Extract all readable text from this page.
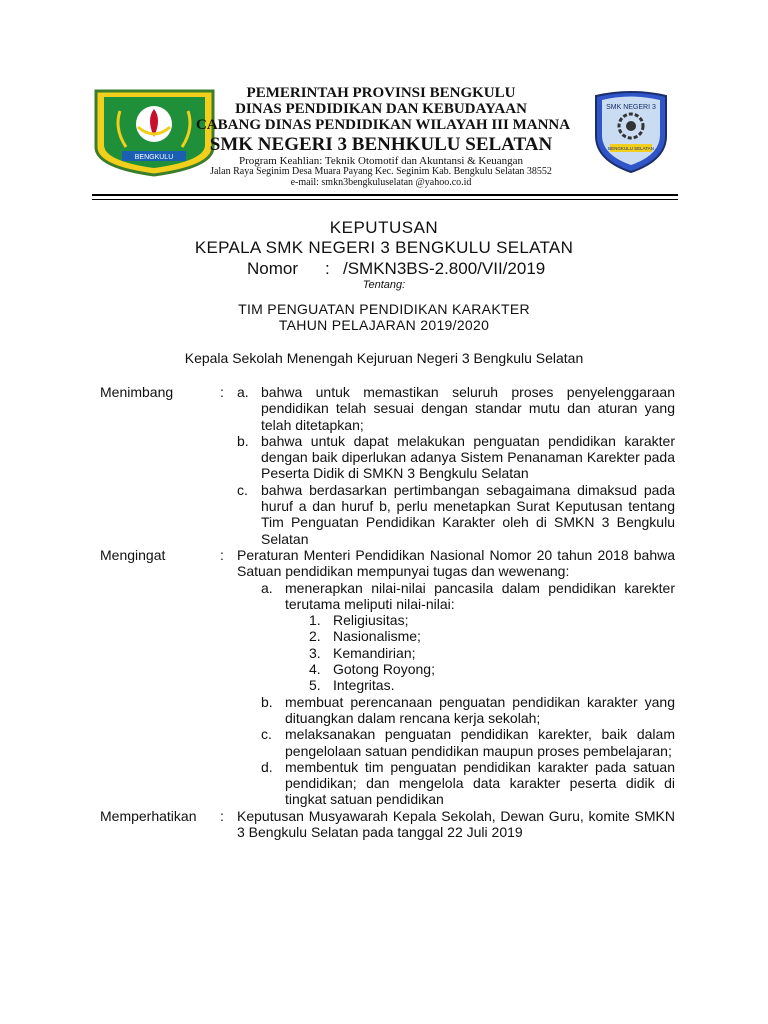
BENGKULU
SMK NEGERI 3
BENGKULU SELATAN
PEMERINTAH PROVINSI BENGKULU
DINAS PENDIDIKAN DAN KEBUDAYAAN
CABANG DINAS PENDIDIKAN WILAYAH III MANNA
SMK NEGERI 3 BENHKULU SELATAN
Program Keahlian: Teknik Otomotif dan Akuntansi & Keuangan
Jalan Raya Seginim Desa Muara Payang Kec. Seginim Kab. Bengkulu Selatan 38552
e-mail: smkn3bengkuluselatan @yahoo.co.id
KEPUTUSAN
KEPALA SMK NEGERI 3 BENGKULU SELATAN
Nomor : /SMKN3BS-2.800/VII/2019
Tentang:
TIM PENGUATAN PENDIDIKAN KARAKTER
TAHUN PELAJARAN 2019/2020
Kepala Sekolah Menengah Kejuruan Negeri 3 Bengkulu Selatan
Menimbang	: a. bahwa untuk memastikan seluruh proses penyelenggaraan pendidikan telah sesuai dengan standar mutu dan aturan yang telah ditetapkan;
b. bahwa untuk dapat melakukan penguatan pendidikan karakter dengan baik diperlukan adanya Sistem Penanaman Karekter pada Peserta Didik di SMKN 3 Bengkulu Selatan
c. bahwa berdasarkan pertimbangan sebagaimana dimaksud pada huruf a dan huruf b, perlu menetapkan Surat Keputusan tentang Tim Penguatan Pendidikan Karakter oleh di SMKN 3 Bengkulu Selatan
Mengingat	: Peraturan Menteri Pendidikan Nasional Nomor 20 tahun 2018 bahwa Satuan pendidikan mempunyai tugas dan wewenang:
a. menerapkan nilai-nilai pancasila dalam pendidikan karekter terutama meliputi nilai-nilai:
1. Religiusitas;
2. Nasionalisme;
3. Kemandirian;
4. Gotong Royong;
5. Integritas.
b. membuat perencanaan penguatan pendidikan karakter yang dituangkan dalam rencana kerja sekolah;
c. melaksanakan penguatan pendidikan karekter, baik dalam pengelolaan satuan pendidikan maupun proses pembelajaran;
d. membentuk tim penguatan pendidikan karakter pada satuan pendidikan; dan mengelola data karakter peserta didik di tingkat satuan pendidikan
Memperhatikan : Keputusan Musyawarah Kepala Sekolah, Dewan Guru, komite SMKN 3 Bengkulu Selatan pada tanggal 22 Juli 2019
